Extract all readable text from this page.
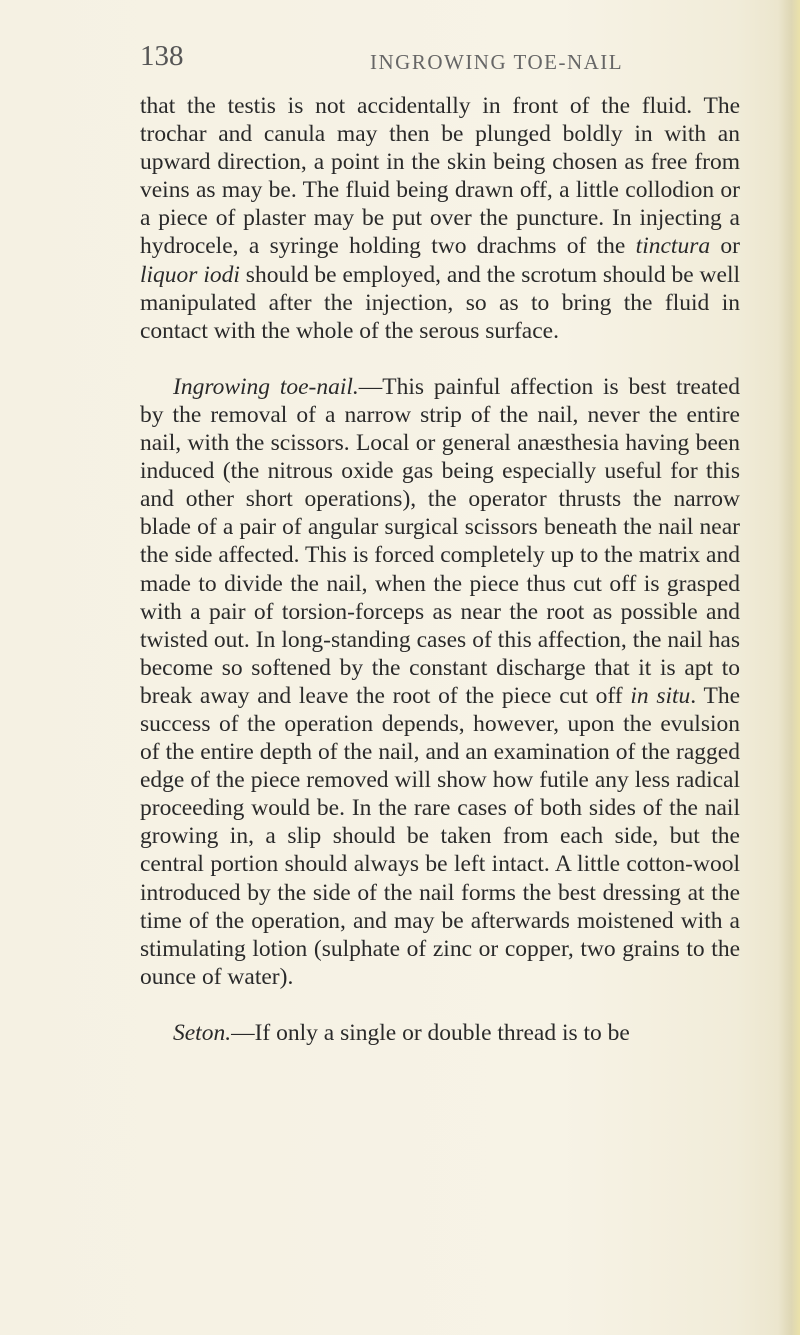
138	INGROWING TOE-NAIL

that the testis is not accidentally in front of the fluid. The trochar and canula may then be plunged boldly in with an upward direction, a point in the skin being chosen as free from veins as may be. The fluid being drawn off, a little collodion or a piece of plaster may be put over the puncture. In injecting a hydrocele, a syringe holding two drachms of the tinctura or liquor iodi should be employed, and the scrotum should be well manipulated after the injection, so as to bring the fluid in contact with the whole of the serous surface.

Ingrowing toe-nail.—This painful affection is best treated by the removal of a narrow strip of the nail, never the entire nail, with the scissors. Local or general anæsthesia having been induced (the nitrous oxide gas being especially useful for this and other short operations), the operator thrusts the narrow blade of a pair of angular surgical scissors beneath the nail near the side affected. This is forced completely up to the matrix and made to divide the nail, when the piece thus cut off is grasped with a pair of torsion-forceps as near the root as possible and twisted out. In long-standing cases of this affection, the nail has become so softened by the constant discharge that it is apt to break away and leave the root of the piece cut off in situ. The success of the operation depends, however, upon the evulsion of the entire depth of the nail, and an examination of the ragged edge of the piece removed will show how futile any less radical proceeding would be. In the rare cases of both sides of the nail growing in, a slip should be taken from each side, but the central portion should always be left intact. A little cotton-wool introduced by the side of the nail forms the best dressing at the time of the operation, and may be afterwards moistened with a stimulating lotion (sulphate of zinc or copper, two grains to the ounce of water).

Seton.—If only a single or double thread is to be
